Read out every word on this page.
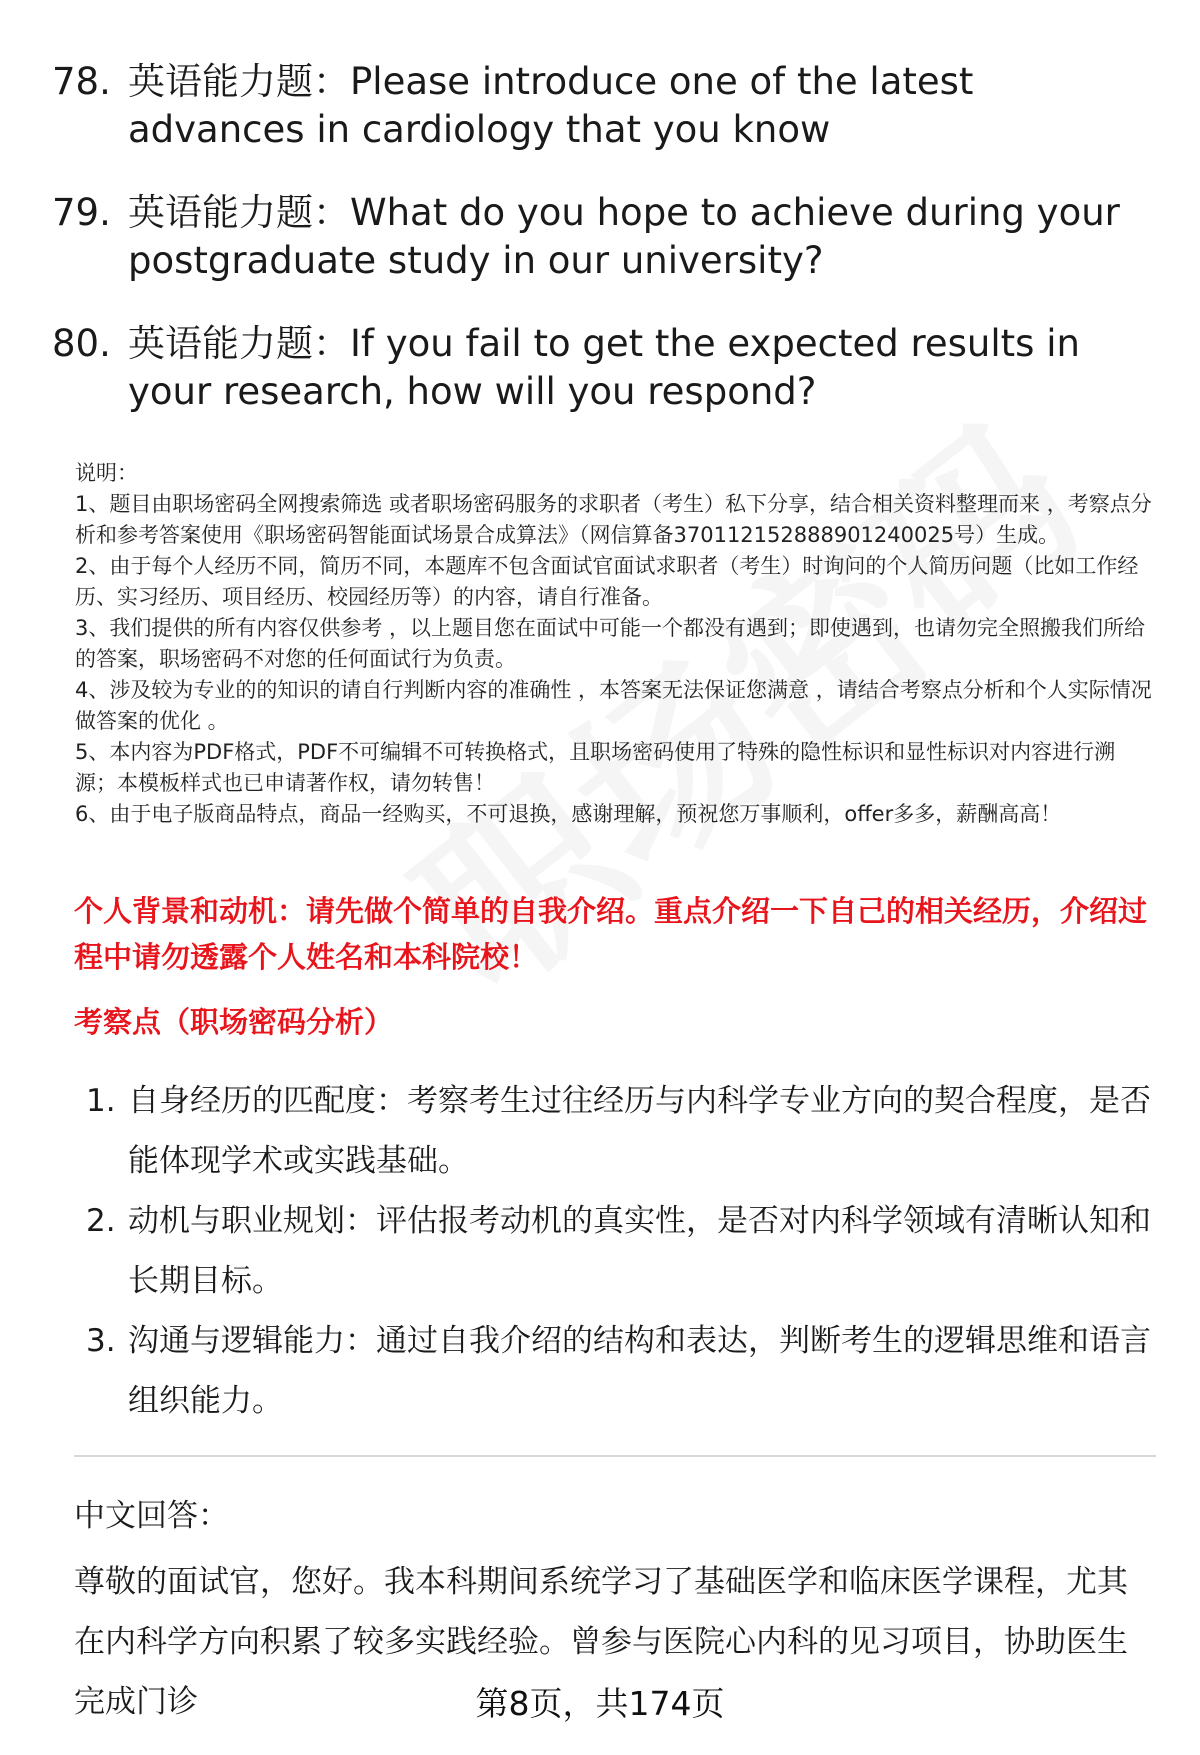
78. 英语能力题：Please introduce one of the latest advances in cardiology that you know
79. 英语能力题：What do you hope to achieve during your postgraduate study in our university?
80. 英语能力题：If you fail to get the expected results in your research, how will you respond?

说明：

1、题目由职场密码全网搜索筛选 或者职场密码服务的求职者（考生）私下分享，结合相关资料整理而来 ，考察点分析和参考答案使用《职场密码智能面试场景合成算法》（网信算备370112152888901240025号）生成。

2、由于每个人经历不同，简历不同，本题库不包含面试官面试求职者（考生）时询问的个人简历问题（比如工作经历、实习经历、项目经历、校园经历等）的内容，请自行准备。

3、我们提供的所有内容仅供参考 ，以上题目您在面试中可能一个都没有遇到；即使遇到，也请勿完全照搬我们所给的答案，职场密码不对您的任何面试行为负责。

4、涉及较为专业的的知识的请自行判断内容的准确性 ，本答案无法保证您满意 ，请结合考察点分析和个人实际情况做答案的优化 。

5、本内容为PDF格式，PDF不可编辑不可转换格式，且职场密码使用了特殊的隐性标识和显性标识对内容进行溯源；本模板样式也已申请著作权，请勿转售！

6、由于电子版商品特点，商品一经购买，不可退换，感谢理解，预祝您万事顺利，offer多多，薪酬高高！

个人背景和动机：请先做个简单的自我介绍。重点介绍一下自己的相关经历，介绍过程中请勿透露个人姓名和本科院校！
考察点（职场密码分析）
1. 自身经历的匹配度：考察考生过往经历与内科学专业方向的契合程度，是否能体现学术或实践基础。
2. 动机与职业规划：评估报考动机的真实性，是否对内科学领域有清晰认知和长期目标。
3. 沟通与逻辑能力：通过自我介绍的结构和表达，判断考生的逻辑思维和语言组织能力。
中文回答：
尊敬的面试官，您好。我本科期间系统学习了基础医学和临床医学课程，尤其在内科学方向积累了较多实践经验。曾参与医院心内科的见习项目，协助医生完成门诊	第8页，共174页
